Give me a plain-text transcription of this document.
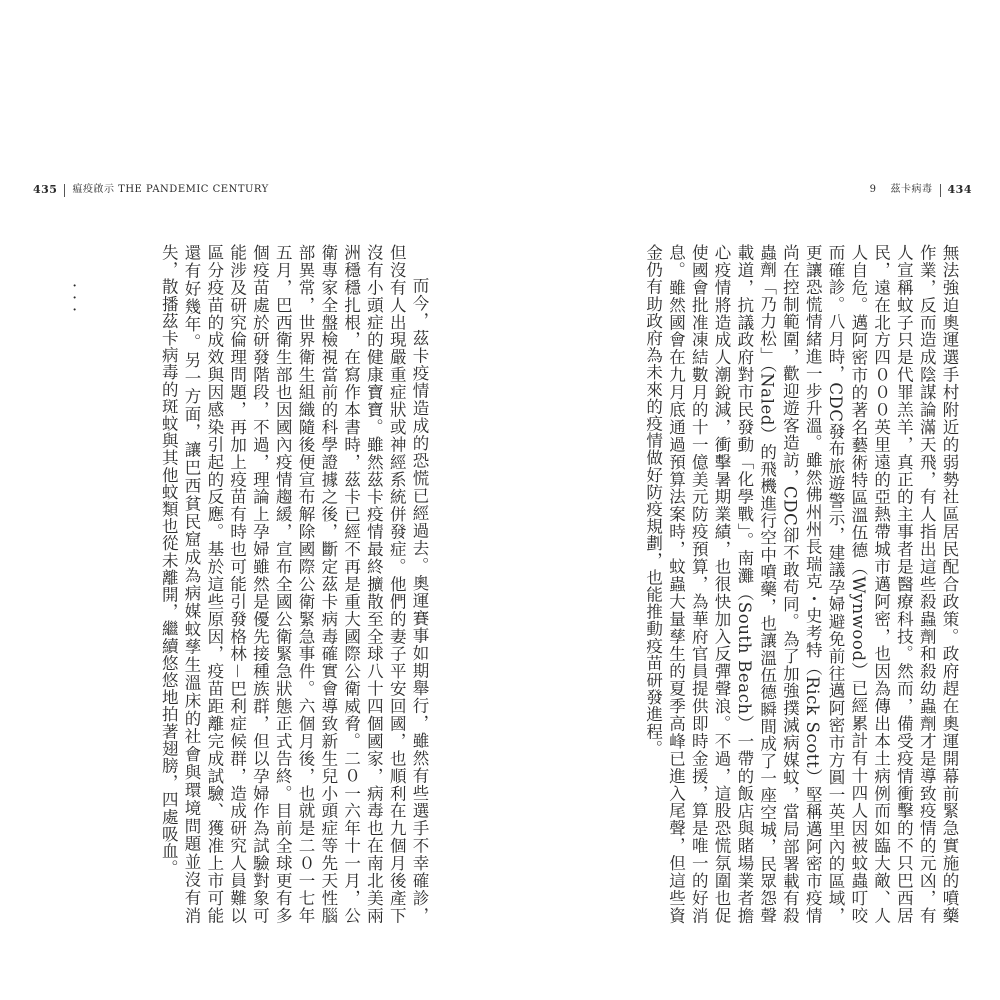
435 瘟疫啟示 THE PANDEMIC CENTURY	9 茲卡病毒 434

無法強迫奧運選手村附近的弱勢社區居民配合政策。政府趕在奧運開幕前緊急實施的噴藥作業，反而造成陰謀論滿天飛，有人指出這些殺蟲劑和殺幼蟲劑才是導致疫情的元凶，有人宣稱蚊子只是代罪羔羊，真正的主事者是醫療科技。然而，備受疫情衝擊的不只巴西居民，遠在北方四０００英里遠的亞熱帶城市邁阿密，也因為傳出本土病例而如臨大敵、人人自危。邁阿密市的著名藝術特區溫伍德（Wynwood）已經累計有十四人因被蚊蟲叮咬而確診。八月時，CDC發布旅遊警示，建議孕婦避免前往邁阿密市方圓一英里內的區域，更讓恐慌情緒進一步升溫。雖然佛州州長瑞克・史考特（Rick Scott）堅稱邁阿密市疫情尚在控制範圍，歡迎遊客造訪，CDC卻不敢苟同。為了加強撲滅病媒蚊，當局部署載有殺蟲劑「乃力松」（Naled）的飛機進行空中噴藥，也讓溫伍德瞬間成了一座空城，民眾怨聲載道，抗議政府對市民發動「化學戰」。南灘（South Beach）一帶的飯店與賭場業者擔心疫情將造成人潮銳減，衝擊暑期業績，也很快加入反彈聲浪。不過，這股恐慌氛圍也促使國會批准凍結數月的十一億美元防疫預算，為華府官員提供即時金援，算是唯一的好消息。雖然國會在九月底通過預算法案時，蚊蟲大量孳生的夏季高峰已進入尾聲，但這些資金仍有助政府為未來的疫情做好防疫規劃，也能推動疫苗研發進程。

而今，茲卡疫情造成的恐慌已經過去。奧運賽事如期舉行，雖然有些選手不幸確診，但沒有人出現嚴重症狀或神經系統併發症。他們的妻子平安回國，也順利在九個月後產下沒有小頭症的健康寶寶。雖然茲卡疫情最終擴散至全球八十四個國家，病毒也在南北美兩洲穩穩扎根，在寫作本書時，茲卡已經不再是重大國際公衛威脅。二０一六年十一月，公衛專家全盤檢視當前的科學證據之後，斷定茲卡病毒確實會導致新生兒小頭症等先天性腦部異常，世界衛生組織隨後便宣布解除國際公衛緊急事件。六個月後，也就是二０一七年五月，巴西衛生部也因國內疫情趨緩，宣布全國公衛緊急狀態正式告終。目前全球更有多個疫苗處於研發階段，不過，理論上孕婦雖然是優先接種族群，但以孕婦作為試驗對象可能涉及研究倫理問題，再加上疫苗有時也可能引發格林－巴利症候群，造成研究人員難以區分疫苗的成效與因感染引起的反應。基於這些原因，疫苗距離完成試驗、獲准上市可能還有好幾年。另一方面，讓巴西貧民窟成為病媒蚊孳生溫床的社會與環境問題並沒有消失，散播茲卡病毒的斑蚊與其他蚊類也從未離開，繼續悠悠地拍著翅膀，四處吸血。

．．．
